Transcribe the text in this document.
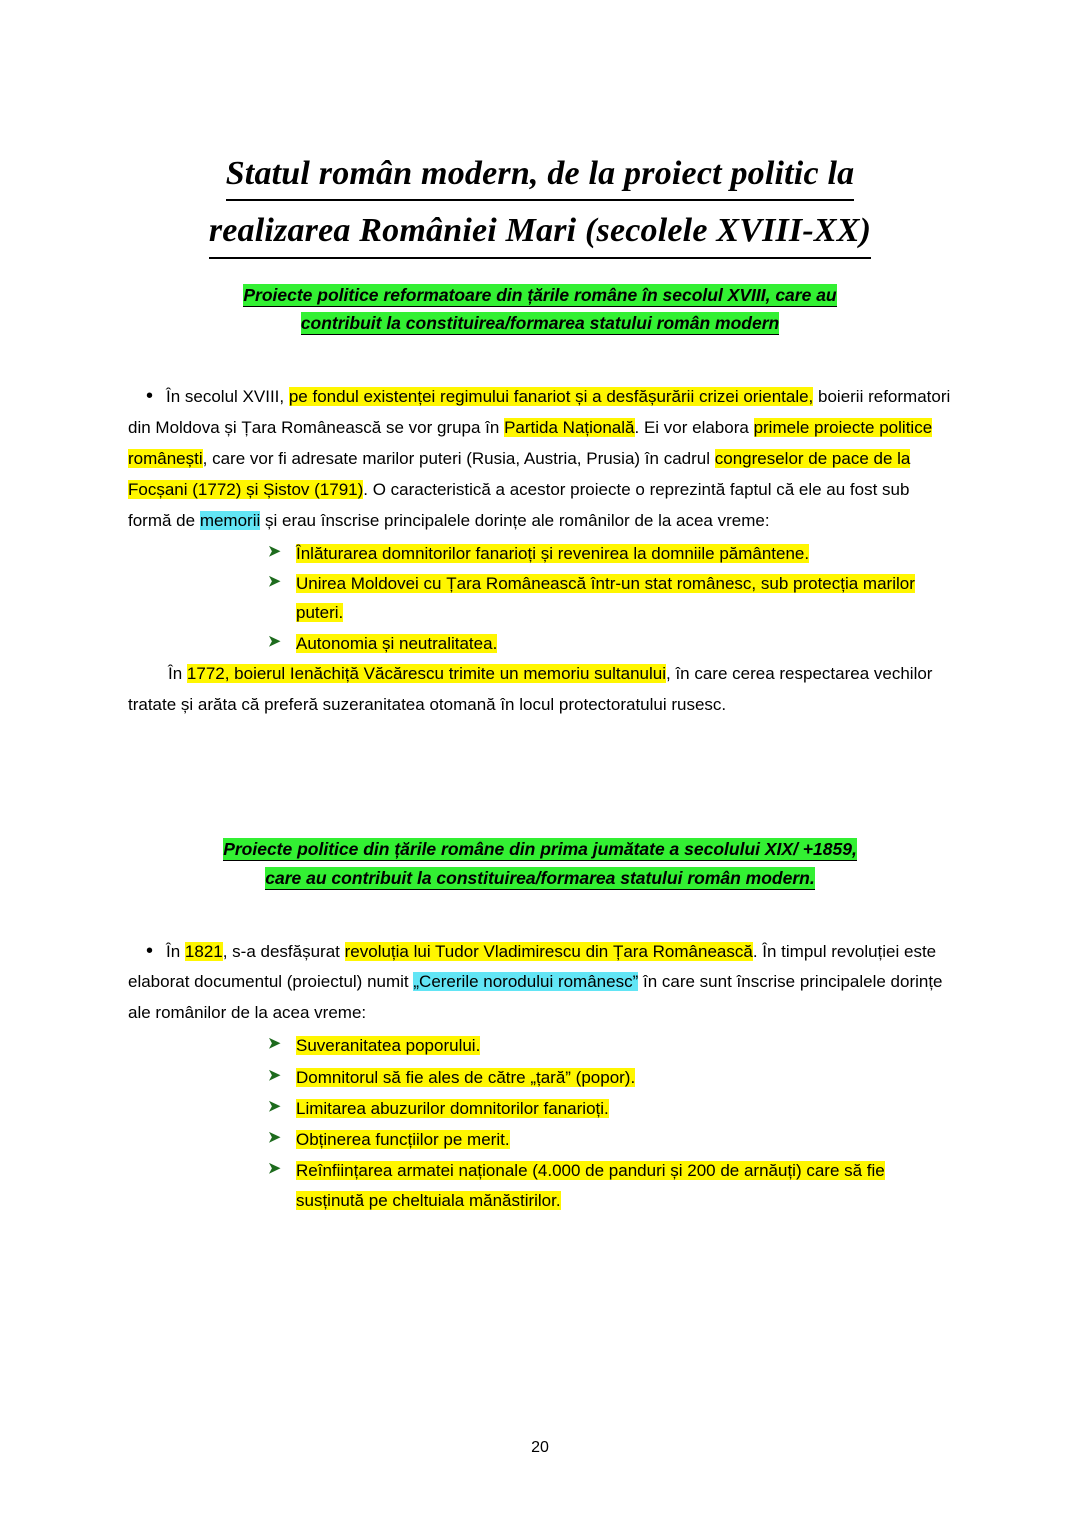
Statul român modern, de la proiect politic la
realizarea României Mari (secolele XVIII-XX)
Proiecte politice reformatoare din țările române în secolul XVIII, care au
contribuit la constituirea/formarea statului român modern

•În secolul XVIII, pe fondul existenței regimului fanariot și a desfășurării crizei orientale, boierii reformatori din Moldova și Țara Românească se vor grupa în Partida Națională. Ei vor elabora primele proiecte politice românești, care vor fi adresate marilor puteri (Rusia, Austria, Prusia) în cadrul congreselor de pace de la Focșani (1772) și Șistov (1791). O caracteristică a acestor proiecte o reprezintă faptul că ele au fost sub formă de memorii și erau înscrise principalele dorințe ale românilor de la acea vreme:

➤ Înlăturarea domnitorilor fanarioți și revenirea la domniile pământene.
➤ Unirea Moldovei cu Țara Românească într-un stat românesc, sub protecția marilor puteri.
➤ Autonomia și neutralitatea.

În 1772, boierul Ienăchiță Văcărescu trimite un memoriu sultanului, în care cerea respectarea vechilor tratate și arăta că preferă suzeranitatea otomană în locul protectoratului rusesc.

Proiecte politice din țările române din prima jumătate a secolului XIX/ +1859,
care au contribuit la constituirea/formarea statului român modern.

•În 1821, s-a desfășurat revoluția lui Tudor Vladimirescu din Țara Românească. În timpul revoluției este elaborat documentul (proiectul) numit „Cererile norodului românesc” în care sunt înscrise principalele dorințe ale românilor de la acea vreme:

➤ Suveranitatea poporului.
➤ Domnitorul să fie ales de către „țară” (popor).
➤ Limitarea abuzurilor domnitorilor fanarioți.
➤ Obținerea funcțiilor pe merit.
➤ Reînființarea armatei naționale (4.000 de panduri și 200 de arnăuți) care să fie susținută pe cheltuiala mănăstirilor.
20
